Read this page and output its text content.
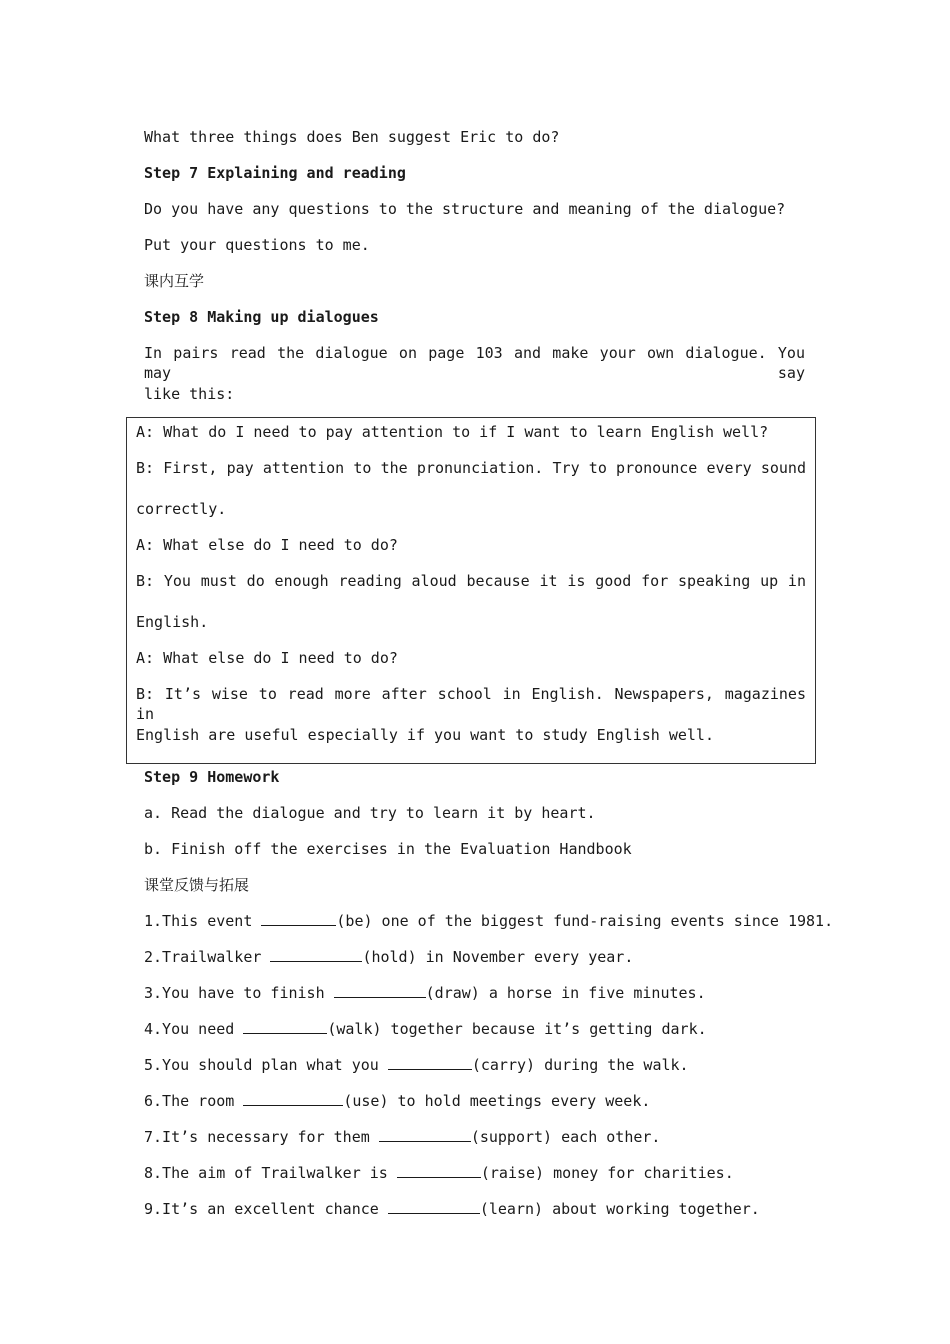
What three things does Ben suggest Eric to do?
Step 7 Explaining and reading
Do you have any questions to the structure and meaning of the dialogue?
Put your questions to me.
课内互学
Step 8 Making up dialogues
In pairs read the dialogue on page 103 and make your own dialogue. You may say
like this:
A: What do I need to pay attention to if I want to learn English well?
B: First, pay attention to the pronunciation. Try to pronounce every sound
correctly.
A: What else do I need to do?
B: You must do enough reading aloud because it is good for speaking up in
English.
A: What else do I need to do?
B: It’s wise to read more after school in English. Newspapers, magazines in
English are useful especially if you want to study English well.
Step 9 Homework
a. Read the dialogue and try to learn it by heart.
b. Finish off the exercises in the Evaluation Handbook
课堂反馈与拓展
1.This event	(be) one of the biggest fund-raising events since 1981.
2.Trailwalker	(hold) in November every year.
3.You have to finish	(draw) a horse in five minutes.
4.You need	(walk) together because it’s getting dark.
5.You should plan what you	(carry) during the walk.
6.The room	(use) to hold meetings every week.
7.It’s necessary for them	(support) each other.
8.The aim of Trailwalker is	(raise) money for charities.
9.It’s an excellent chance	(learn) about working together.
